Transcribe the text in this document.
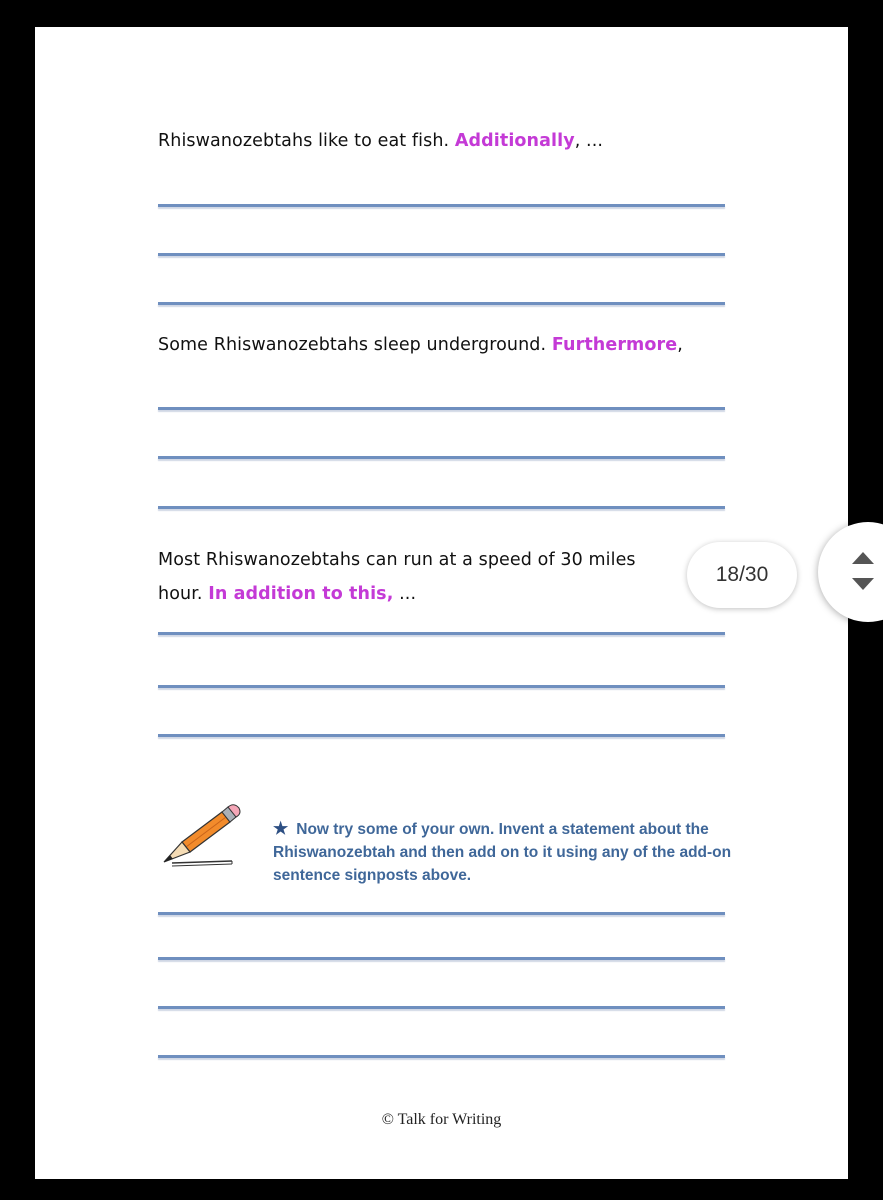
Rhiswanozebtahs like to eat fish. Additionally, ...
Some Rhiswanozebtahs sleep underground. Furthermore,
Most Rhiswanozebtahs can run at a speed of 30 miles
hour. In addition to this, ...
★ Now try some of your own. Invent a statement about the Rhiswanozebtah and then add on to it using any of the add-on sentence signposts above.
© Talk for Writing
18/30
